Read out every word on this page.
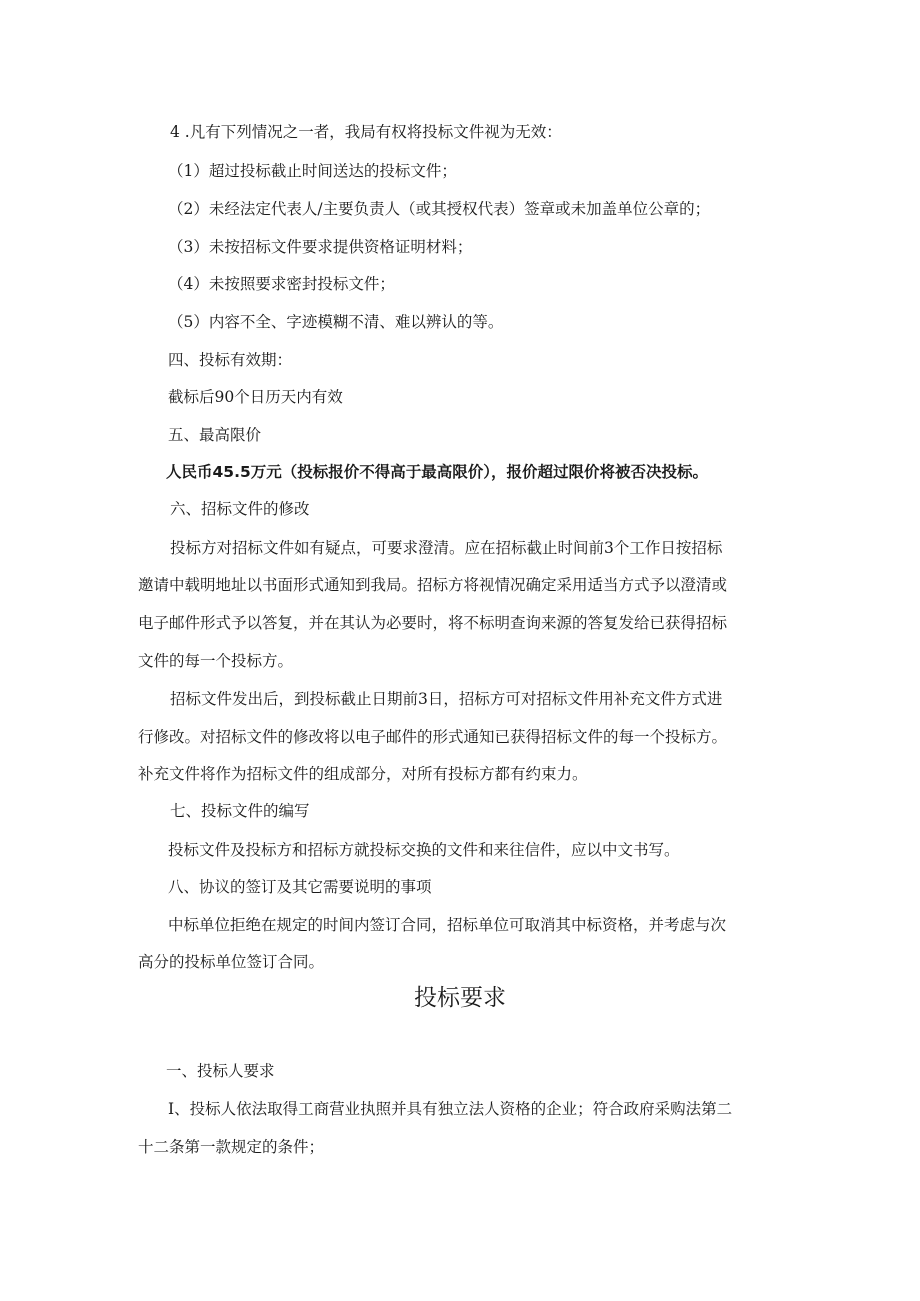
4 .凡有下列情况之一者，我局有权将投标文件视为无效：
（1）超过投标截止时间送达的投标文件；
（2）未经法定代表人/主要负责人（或其授权代表）签章或未加盖单位公章的；
（3）未按招标文件要求提供资格证明材料；
（4）未按照要求密封投标文件；
（5）内容不全、字迹模糊不清、难以辨认的等。
四、投标有效期：
截标后90个日历天内有效
五、最高限价
人民币45.5万元（投标报价不得高于最高限价），报价超过限价将被否决投标。
六、招标文件的修改
投标方对招标文件如有疑点，可要求澄清。应在招标截止时间前3个工作日按招标
邀请中载明地址以书面形式通知到我局。招标方将视情况确定采用适当方式予以澄清或
电子邮件形式予以答复，并在其认为必要时，将不标明查询来源的答复发给已获得招标
文件的每一个投标方。
招标文件发出后，到投标截止日期前3日，招标方可对招标文件用补充文件方式进
行修改。对招标文件的修改将以电子邮件的形式通知已获得招标文件的每一个投标方。
补充文件将作为招标文件的组成部分，对所有投标方都有约束力。
七、投标文件的编写
投标文件及投标方和招标方就投标交换的文件和来往信件，应以中文书写。
八、协议的签订及其它需要说明的事项
中标单位拒绝在规定的时间内签订合同，招标单位可取消其中标资格，并考虑与次
高分的投标单位签订合同。
投标要求
一、投标人要求
I、投标人依法取得工商营业执照并具有独立法人资格的企业；符合政府采购法第二
十二条第一款规定的条件；
